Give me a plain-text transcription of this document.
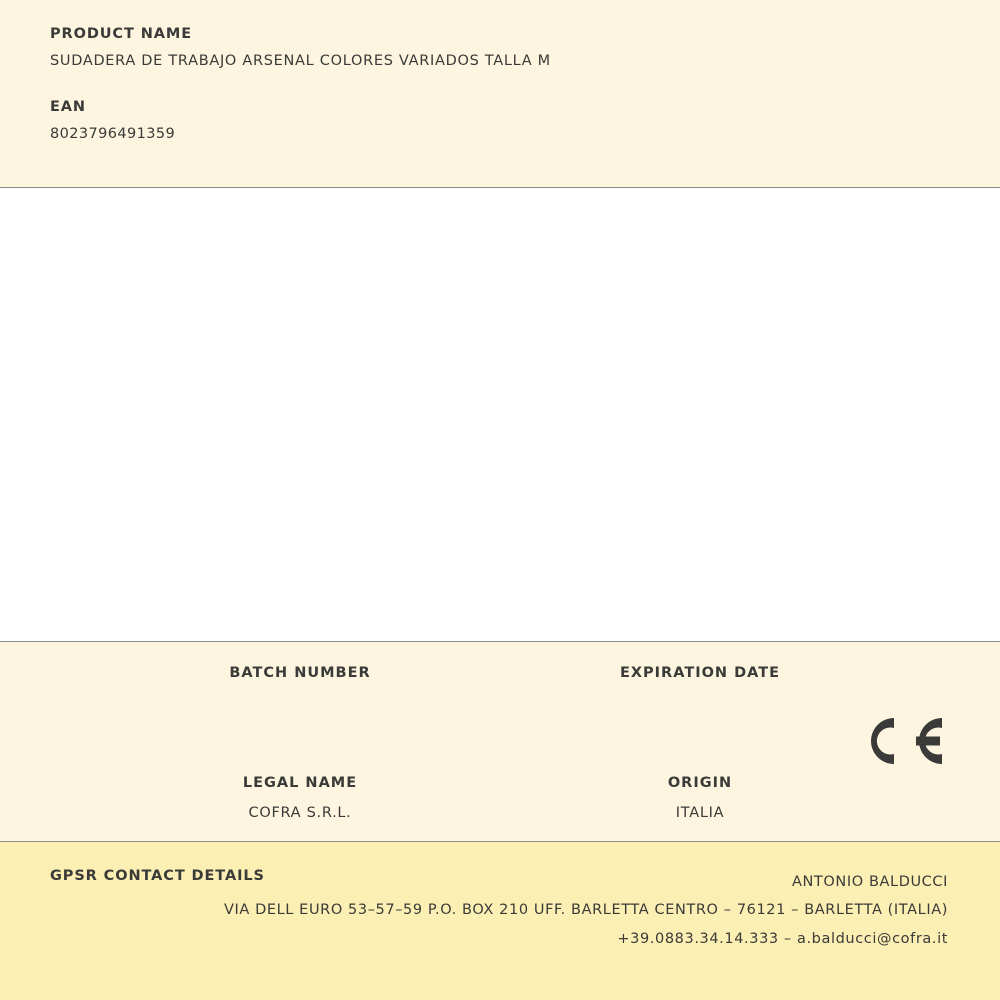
PRODUCT NAME
SUDADERA DE TRABAJO ARSENAL COLORES VARIADOS TALLA M
EAN
8023796491359
BATCH NUMBER	EXPIRATION DATE
LEGAL NAME
COFRA S.R.L.
ORIGIN
ITALIA
GPSR CONTACT DETAILS	ANTONIO BALDUCCI
VIA DELL EURO 53–57–59 P.O. BOX 210 UFF. BARLETTA CENTRO – 76121 – BARLETTA (ITALIA)
+39.0883.34.14.333 – a.balducci@cofra.it
